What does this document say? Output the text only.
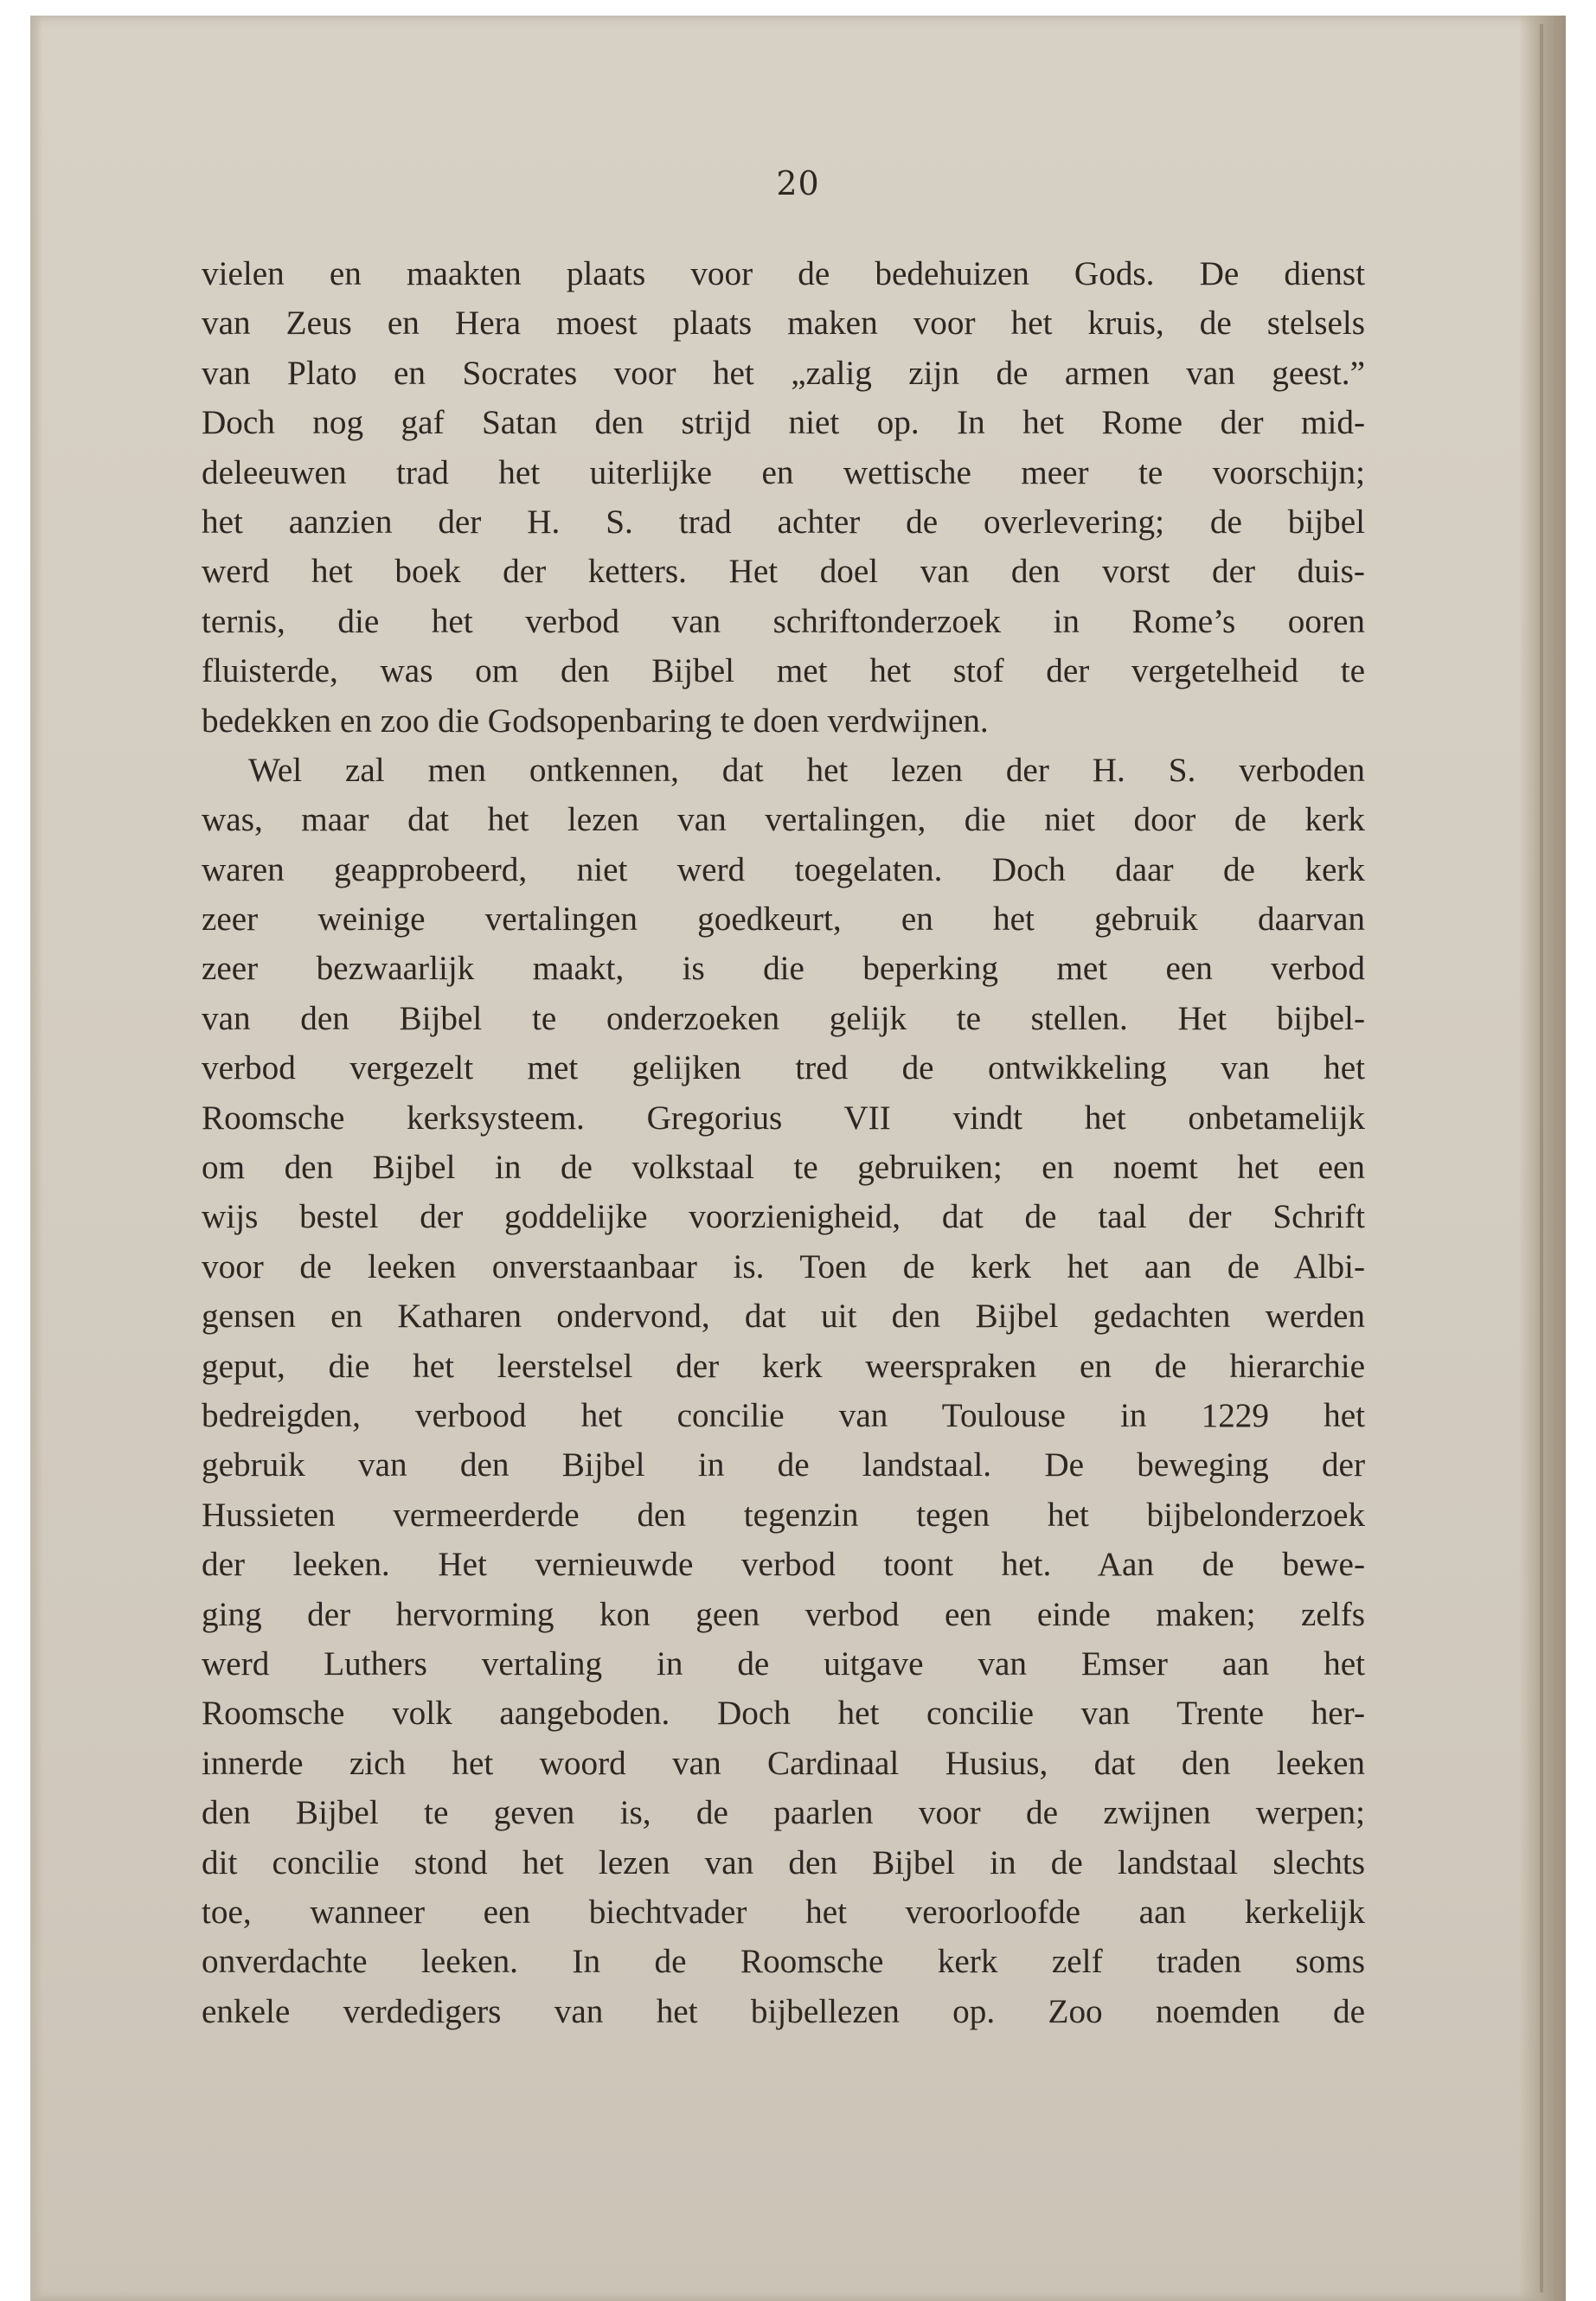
20
vielen en maakten plaats voor de bedehuizen Gods. De dienst
van Zeus en Hera moest plaats maken voor het kruis, de stelsels
van Plato en Socrates voor het „zalig zijn de armen van geest.”
Doch nog gaf Satan den strijd niet op. In het Rome der mid-
deleeuwen trad het uiterlijke en wettische meer te voorschijn;
het aanzien der H. S. trad achter de overlevering; de bijbel
werd het boek der ketters. Het doel van den vorst der duis-
ternis, die het verbod van schriftonderzoek in Rome’s ooren
fluisterde, was om den Bijbel met het stof der vergetelheid te
bedekken en zoo die Godsopenbaring te doen verdwijnen.
Wel zal men ontkennen, dat het lezen der H. S. verboden
was, maar dat het lezen van vertalingen, die niet door de kerk
waren geapprobeerd, niet werd toegelaten. Doch daar de kerk
zeer weinige vertalingen goedkeurt, en het gebruik daarvan
zeer bezwaarlijk maakt, is die beperking met een verbod
van den Bijbel te onderzoeken gelijk te stellen. Het bijbel-
verbod vergezelt met gelijken tred de ontwikkeling van het
Roomsche kerksysteem. Gregorius VII vindt het onbetamelijk
om den Bijbel in de volkstaal te gebruiken; en noemt het een
wijs bestel der goddelijke voorzienigheid, dat de taal der Schrift
voor de leeken onverstaanbaar is. Toen de kerk het aan de Albi-
gensen en Katharen ondervond, dat uit den Bijbel gedachten werden
geput, die het leerstelsel der kerk weerspraken en de hierarchie
bedreigden, verbood het concilie van Toulouse in 1229 het
gebruik van den Bijbel in de landstaal. De beweging der
Hussieten vermeerderde den tegenzin tegen het bijbelonderzoek
der leeken. Het vernieuwde verbod toont het. Aan de bewe-
ging der hervorming kon geen verbod een einde maken; zelfs
werd Luthers vertaling in de uitgave van Emser aan het
Roomsche volk aangeboden. Doch het concilie van Trente her-
innerde zich het woord van Cardinaal Husius, dat den leeken
den Bijbel te geven is, de paarlen voor de zwijnen werpen;
dit concilie stond het lezen van den Bijbel in de landstaal slechts
toe, wanneer een biechtvader het veroorloofde aan kerkelijk
onverdachte leeken. In de Roomsche kerk zelf traden soms
enkele verdedigers van het bijbellezen op. Zoo noemden de
